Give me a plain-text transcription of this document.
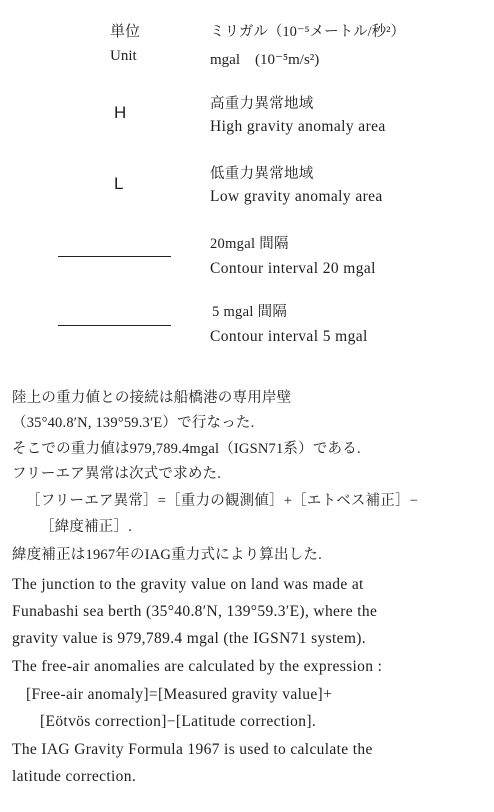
単位
Unit
ミリガル（10⁻⁵メートル/秒²）
mgal　(10⁻⁵m/s²)
H	高重力異常地域
High gravity anomaly area
L	低重力異常地域
Low gravity anomaly area
20mgal 間隔
Contour interval 20 mgal
5 mgal 間隔
Contour interval 5 mgal
陸上の重力値との接続は船橋港の専用岸壁
（35°40.8′N, 139°59.3′E）で行なった.
そこでの重力値は979,789.4mgal（IGSN71系）である.
フリーエア異常は次式で求めた.
［フリーエア異常］=［重力の観測値］+［エトベス補正］−
［緯度補正］.
緯度補正は1967年のIAG重力式により算出した.
The junction to the gravity value on land was made at
Funabashi sea berth (35°40.8′N, 139°59.3′E), where the
gravity value is 979,789.4 mgal (the IGSN71 system).
The free-air anomalies are calculated by the expression :
[Free-air anomaly]=[Measured gravity value]+
[Eötvös correction]−[Latitude correction].
The IAG Gravity Formula 1967 is used to calculate the
latitude correction.
